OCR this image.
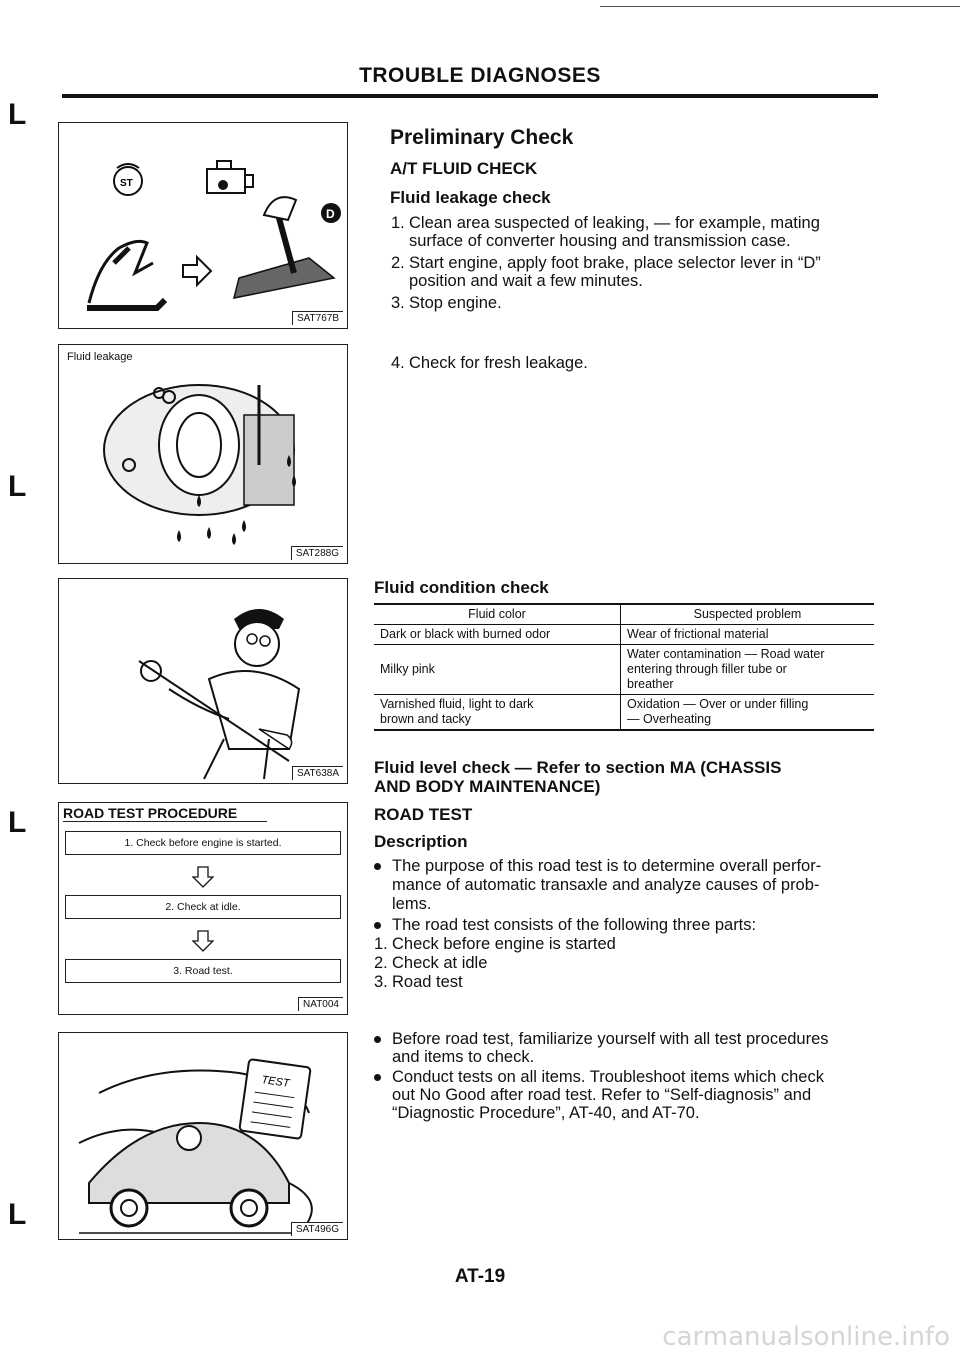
TROUBLE DIAGNOSES
L
L
L
L
ST
D
SAT767B
Fluid leakage
SAT288G
SAT638A
ROAD TEST PROCEDURE
1. Check before engine is started.
2. Check at idle.
3. Road test.
NAT004
TEST
SAT496G
Preliminary Check
A/T FLUID CHECK
Fluid leakage check
1. Clean area suspected of leaking, — for example, mating
surface of converter housing and transmission case.
2. Start engine, apply foot brake, place selector lever in “D”
position and wait a few minutes.
3. Stop engine.
4. Check for fresh leakage.
Fluid condition check
Fluid color	Suspected problem
Dark or black with burned odor	Wear of frictional material
Milky pink	Water contamination — Road water
entering through filler tube or
breather
Varnished fluid, light to dark
brown and tacky	Oxidation — Over or under filling
— Overheating
Fluid level check — Refer to section MA (CHASSIS
AND BODY MAINTENANCE)
ROAD TEST
Description
The purpose of this road test is to determine overall perfor-
mance of automatic transaxle and analyze causes of prob-
lems.
The road test consists of the following three parts:
1. Check before engine is started
2. Check at idle
3. Road test
Before road test, familiarize yourself with all test procedures
and items to check.
Conduct tests on all items. Troubleshoot items which check
out No Good after road test. Refer to “Self-diagnosis” and
“Diagnostic Procedure”, AT-40, and AT-70.
AT-19
carmanualsonline.info
